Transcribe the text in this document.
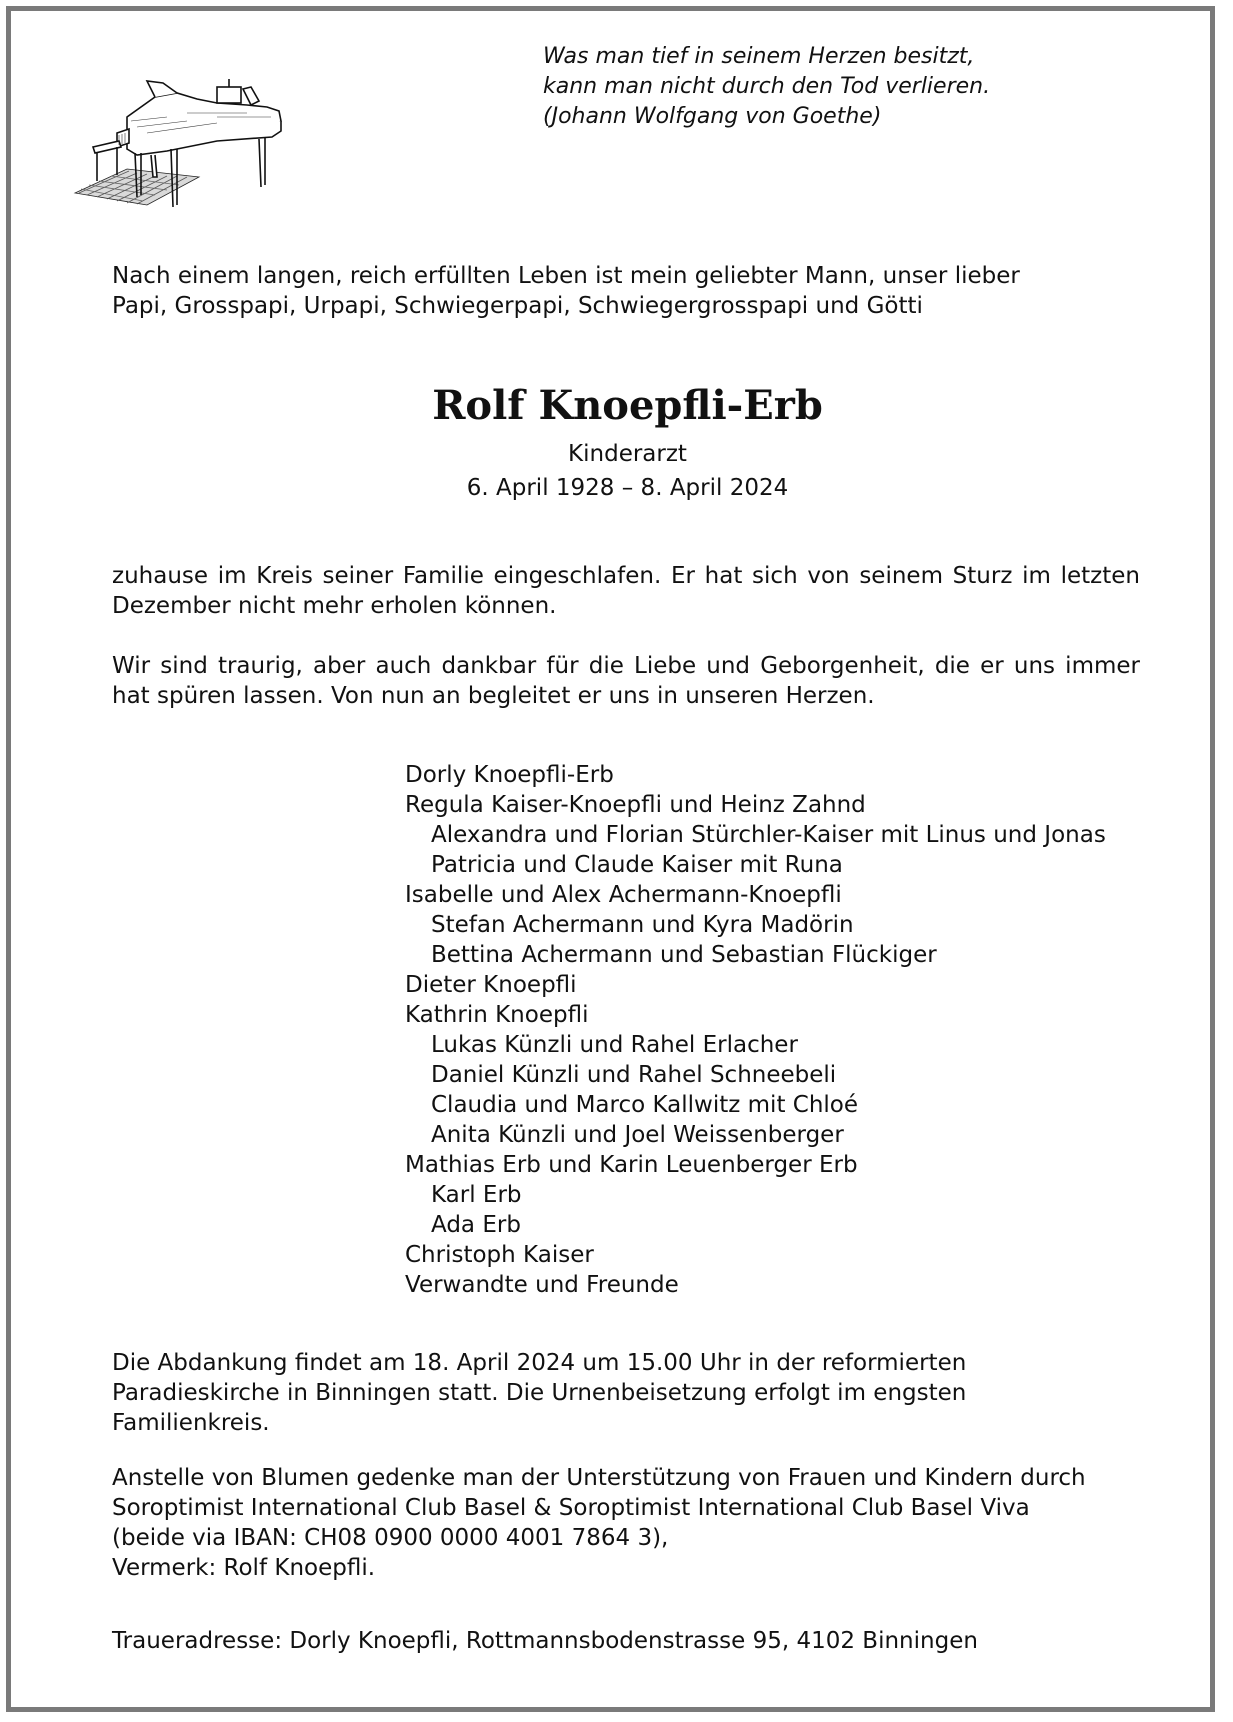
Was man tief in seinem Herzen besitzt,
kann man nicht durch den Tod verlieren.
(Johann Wolfgang von Goethe)
Nach einem langen, reich erfüllten Leben ist mein geliebter Mann, unser lieber
Papi, Grosspapi, Urpapi, Schwiegerpapi, Schwiegergrosspapi und Götti
Rolf Knoepfli-Erb
Kinderarzt
6. April 1928 – 8. April 2024
zuhause im Kreis seiner Familie eingeschlafen. Er hat sich von seinem Sturz im letzten Dezember nicht mehr erholen können.
Wir sind traurig, aber auch dankbar für die Liebe und Geborgenheit, die er uns immer hat spüren lassen. Von nun an begleitet er uns in unseren Herzen.
Dorly Knoepfli-Erb
Regula Kaiser-Knoepfli und Heinz Zahnd
Alexandra und Florian Stürchler-Kaiser mit Linus und Jonas
Patricia und Claude Kaiser mit Runa
Isabelle und Alex Achermann-Knoepfli
Stefan Achermann und Kyra Madörin
Bettina Achermann und Sebastian Flückiger
Dieter Knoepfli
Kathrin Knoepfli
Lukas Künzli und Rahel Erlacher
Daniel Künzli und Rahel Schneebeli
Claudia und Marco Kallwitz mit Chloé
Anita Künzli und Joel Weissenberger
Mathias Erb und Karin Leuenberger Erb
Karl Erb
Ada Erb
Christoph Kaiser
Verwandte und Freunde
Die Abdankung findet am 18. April 2024 um 15.00 Uhr in der reformierten
Paradieskirche in Binningen statt. Die Urnenbeisetzung erfolgt im engsten
Familienkreis.
Anstelle von Blumen gedenke man der Unterstützung von Frauen und Kindern durch
Soroptimist International Club Basel & Soroptimist International Club Basel Viva
(beide via IBAN: CH08 0900 0000 4001 7864 3),
Vermerk: Rolf Knoepfli.
Traueradresse: Dorly Knoepfli, Rottmannsbodenstrasse 95, 4102 Binningen
